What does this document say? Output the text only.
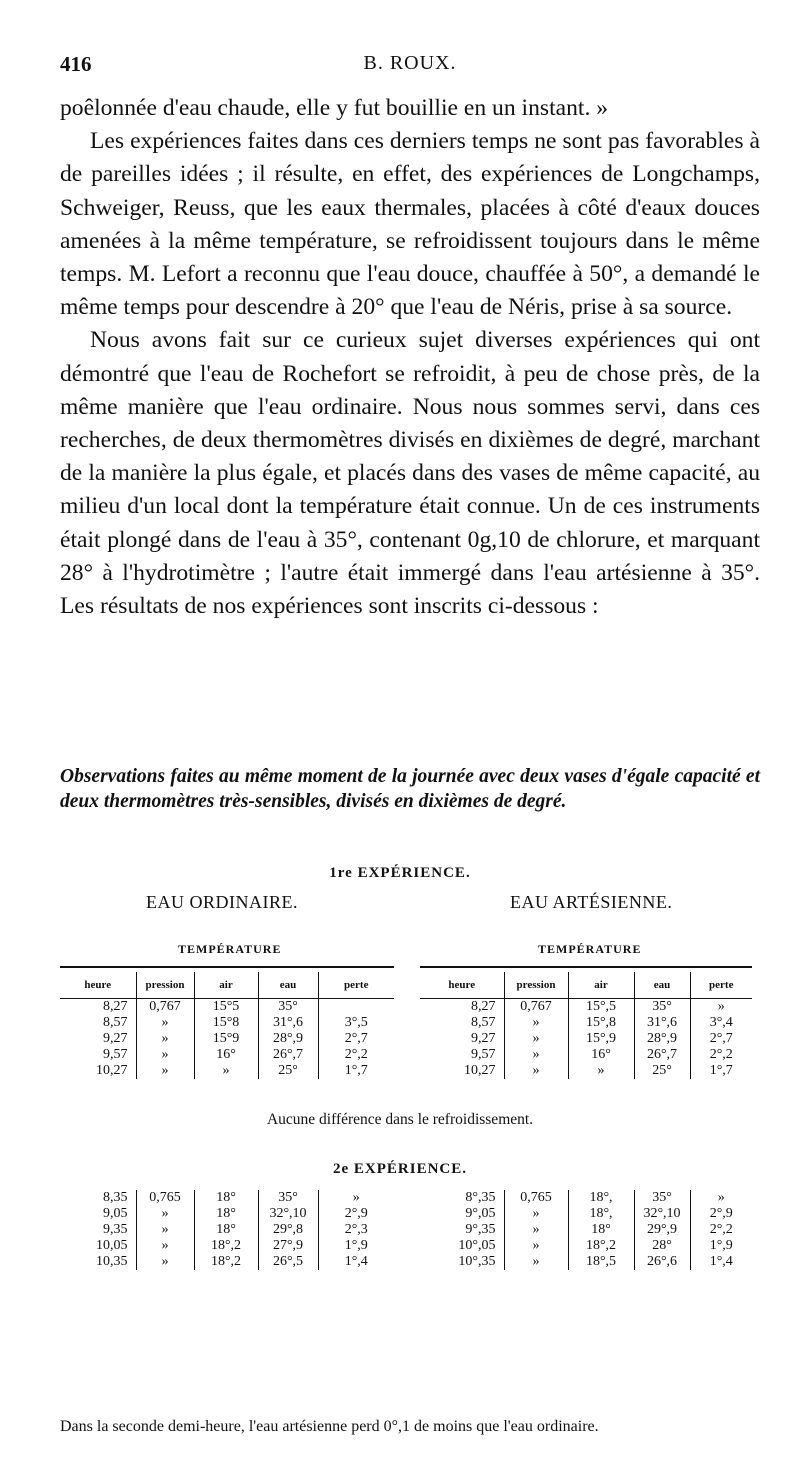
416	B. ROUX.

poêlonnée d'eau chaude, elle y fut bouillie en un instant. »

Les expériences faites dans ces derniers temps ne sont pas favorables à de pareilles idées ; il résulte, en effet, des expériences de Longchamps, Schweiger, Reuss, que les eaux thermales, placées à côté d'eaux douces amenées à la même température, se refroidissent toujours dans le même temps. M. Lefort a reconnu que l'eau douce, chauffée à 50°, a demandé le même temps pour descendre à 20° que l'eau de Néris, prise à sa source.

Nous avons fait sur ce curieux sujet diverses expériences qui ont démontré que l'eau de Rochefort se refroidit, à peu de chose près, de la même manière que l'eau ordinaire. Nous nous sommes servi, dans ces recherches, de deux thermomètres divisés en dixièmes de degré, marchant de la manière la plus égale, et placés dans des vases de même capacité, au milieu d'un local dont la température était connue. Un de ces instruments était plongé dans de l'eau à 35°, contenant 0g,10 de chlorure, et marquant 28° à l'hydrotimètre ; l'autre était immergé dans l'eau artésienne à 35°. Les résultats de nos expériences sont inscrits ci-dessous :

Observations faites au même moment de la journée avec deux vases d'égale capacité et deux thermomètres très-sensibles, divisés en dixièmes de degré.
1re EXPÉRIENCE.
EAU ORDINAIRE.	EAU ARTÉSIENNE.
TEMPÉRATURE	TEMPÉRATURE
heure	pression	air	eau	perte
8,27	0,767	15°5	35°	
8,57	»	15°8	31°,6	3°,5
9,27	»	15°9	28°,9	2°,7
9,57	»	16°	26°,7	2°,2
10,27	»	»	25°	1°,7
heure	pression	air	eau	perte
8,27	0,767	15°,5	35°	»
8,57	»	15°,8	31°,6	3°,4
9,27	»	15°,9	28°,9	2°,7
9,57	»	16°	26°,7	2°,2
10,27	»	»	25°	1°,7
Aucune différence dans le refroidissement.
2e EXPÉRIENCE.
8,35	0,765	18°	35°	»
9,05	»	18°	32°,10	2°,9
9,35	»	18°	29°,8	2°,3
10,05	»	18°,2	27°,9	1°,9
10,35	»	18°,2	26°,5	1°,4
8°,35	0,765	18°,	35°	»
9°,05	»	18°,	32°,10	2°,9
9°,35	»	18°	29°,9	2°,2
10°,05	»	18°,2	28°	1°,9
10°,35	»	18°,5	26°,6	1°,4
Dans la seconde demi-heure, l'eau artésienne perd 0°,1 de moins que l'eau ordinaire.
